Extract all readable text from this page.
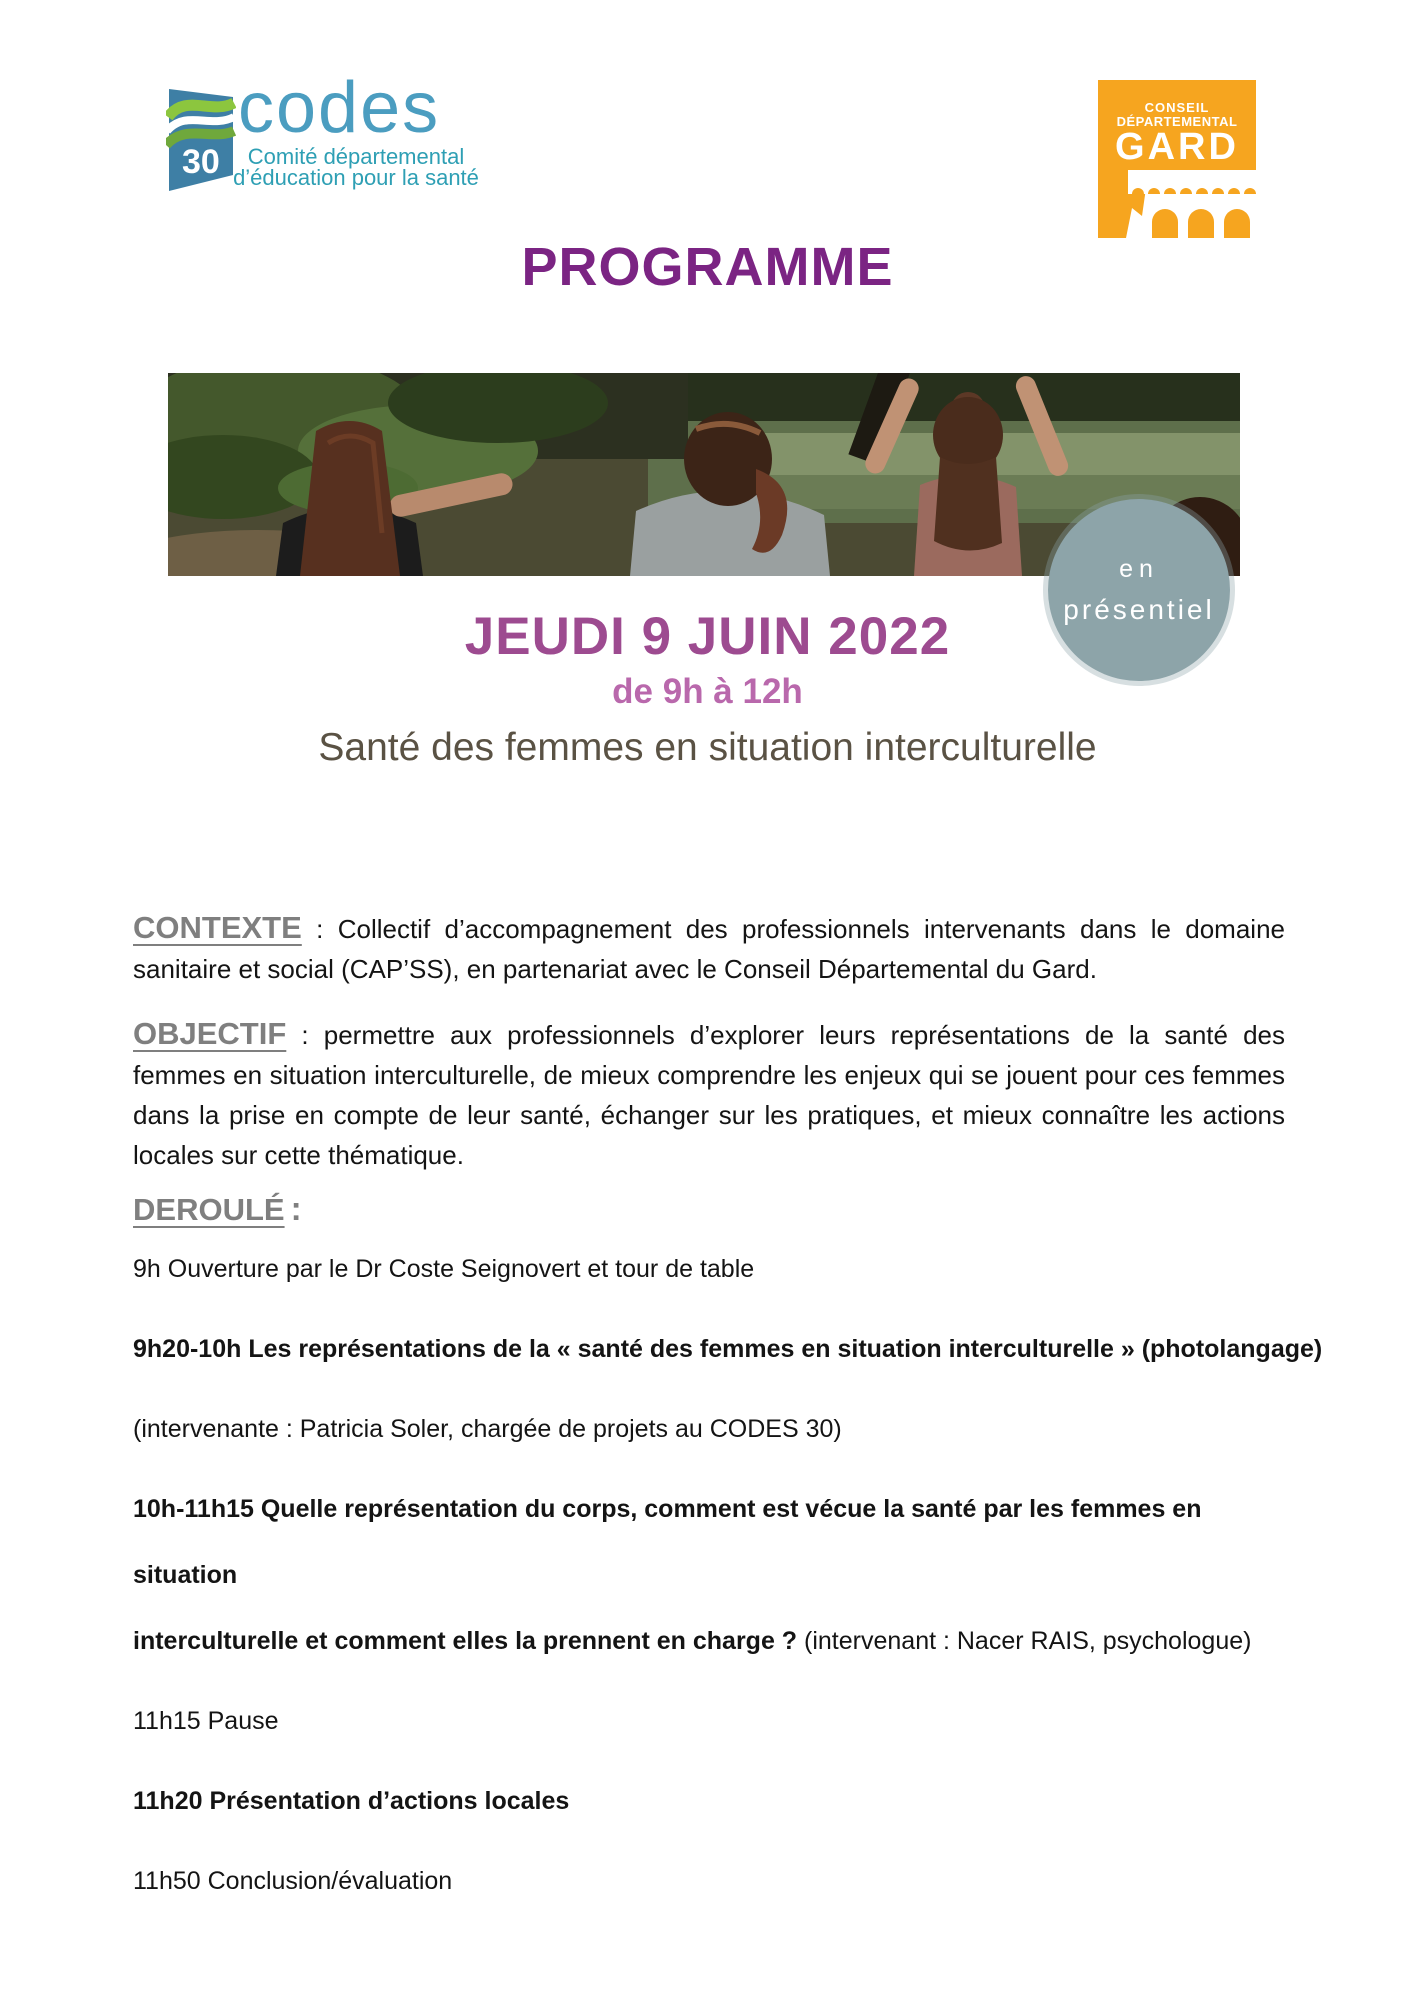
30
codes
Comité départemental
d’éducation pour la santé
CONSEIL
DÉPARTEMENTAL
GARD
PROGRAMME
en
présentiel
JEUDI 9 JUIN 2022
de 9h à 12h
Santé des femmes en situation interculturelle
CONTEXTE : Collectif d’accompagnement des professionnels intervenants dans le domaine sanitaire et social (CAP’SS), en partenariat avec le Conseil Départemental du Gard.
OBJECTIF : permettre aux professionnels d’explorer leurs représentations de la santé des femmes en situation interculturelle, de mieux comprendre les enjeux qui se jouent pour ces femmes dans la prise en compte de leur santé, échanger sur les pratiques, et mieux connaître les actions locales sur cette thématique.
DEROULÉ :
9h Ouverture par le Dr Coste Seignovert et tour de table
9h20-10h Les représentations de la « santé des femmes en situation interculturelle » (photolangage)
(intervenante : Patricia Soler, chargée de projets au CODES 30)
10h-11h15 Quelle représentation du corps, comment est vécue la santé par les femmes en situation
interculturelle et comment elles la prennent en charge ? (intervenant : Nacer RAIS, psychologue)
11h15 Pause
11h20 Présentation d’actions locales
11h50 Conclusion/évaluation
